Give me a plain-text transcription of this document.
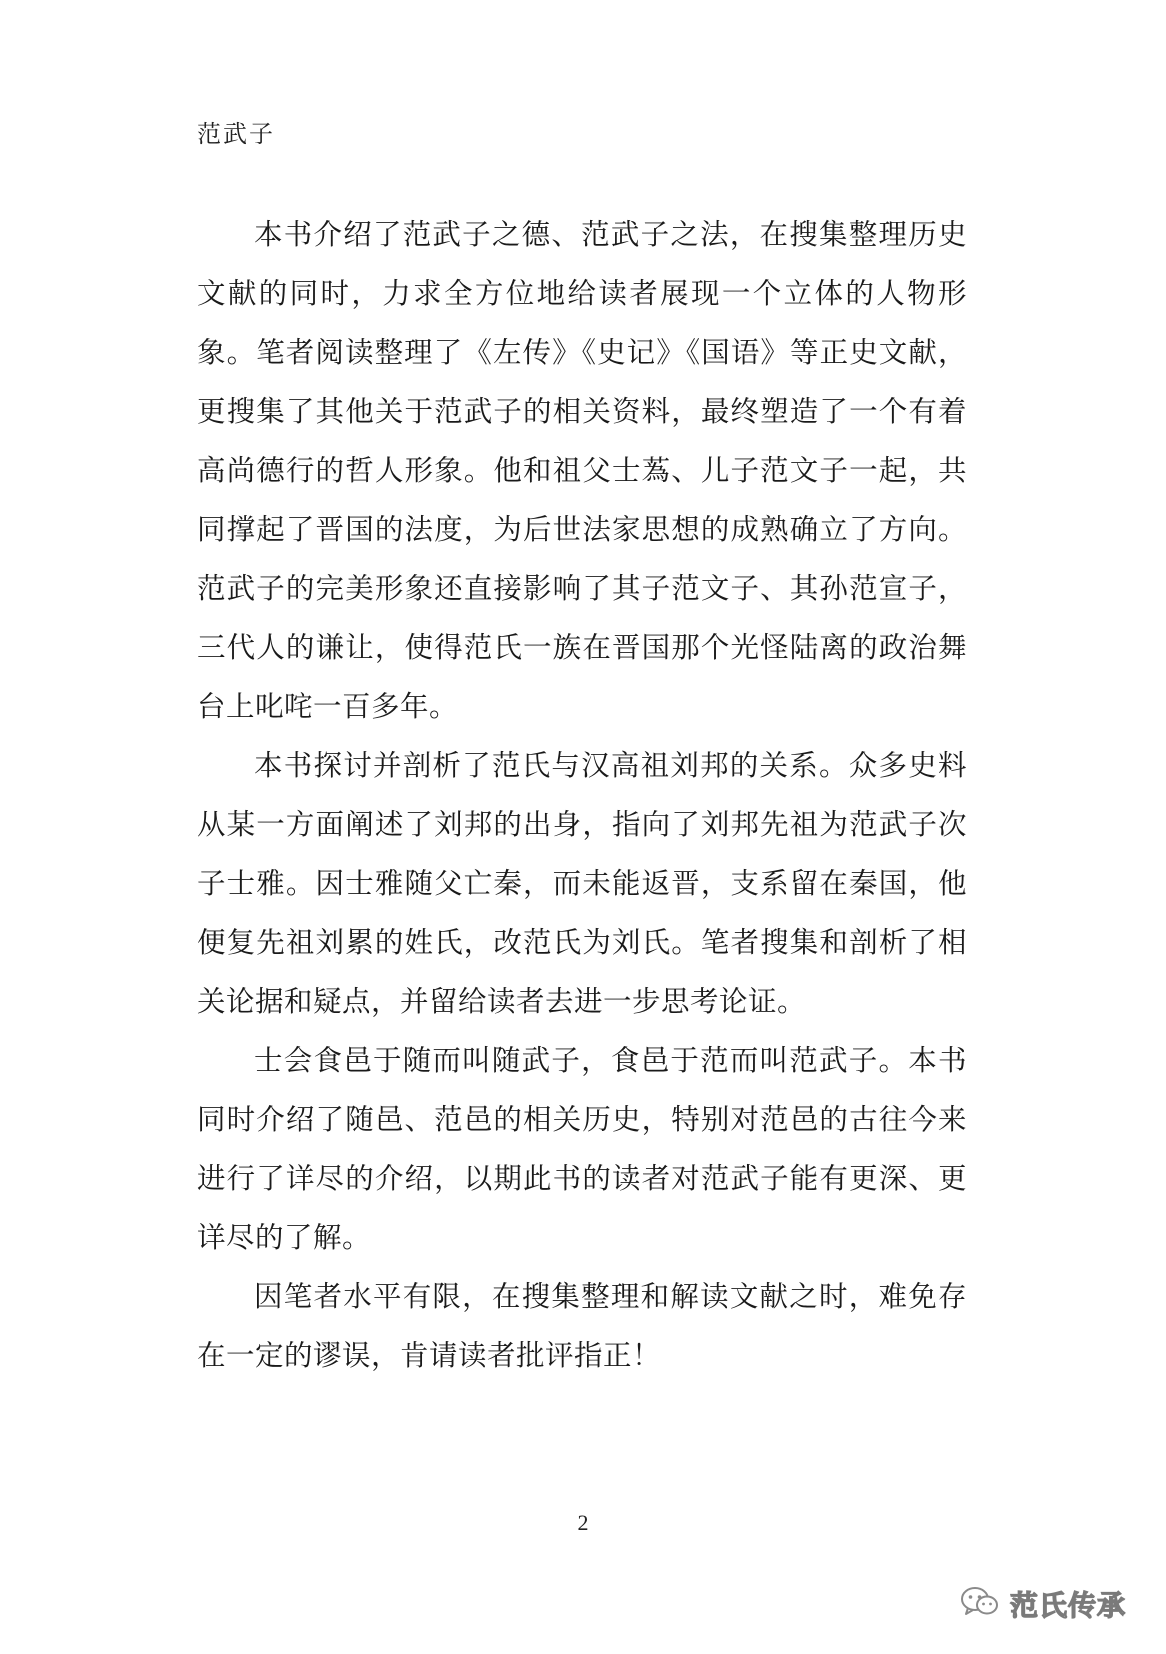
范武子

本书介绍了范武子之德、范武子之法，在搜集整理历史文献的同时，力求全方位地给读者展现一个立体的人物形象。笔者阅读整理了《左传》《史记》《国语》等正史文献，更搜集了其他关于范武子的相关资料，最终塑造了一个有着高尚德行的哲人形象。他和祖父士蒍、儿子范文子一起，共同撑起了晋国的法度，为后世法家思想的成熟确立了方向。范武子的完美形象还直接影响了其子范文子、其孙范宣子，三代人的谦让，使得范氏一族在晋国那个光怪陆离的政治舞台上叱咤一百多年。

本书探讨并剖析了范氏与汉高祖刘邦的关系。众多史料从某一方面阐述了刘邦的出身，指向了刘邦先祖为范武子次子士雅。因士雅随父亡秦，而未能返晋，支系留在秦国，他便复先祖刘累的姓氏，改范氏为刘氏。笔者搜集和剖析了相关论据和疑点，并留给读者去进一步思考论证。

士会食邑于随而叫随武子，食邑于范而叫范武子。本书同时介绍了随邑、范邑的相关历史，特别对范邑的古往今来进行了详尽的介绍，以期此书的读者对范武子能有更深、更详尽的了解。

因笔者水平有限，在搜集整理和解读文献之时，难免存在一定的谬误，肯请读者批评指正！

2
范氏传承
